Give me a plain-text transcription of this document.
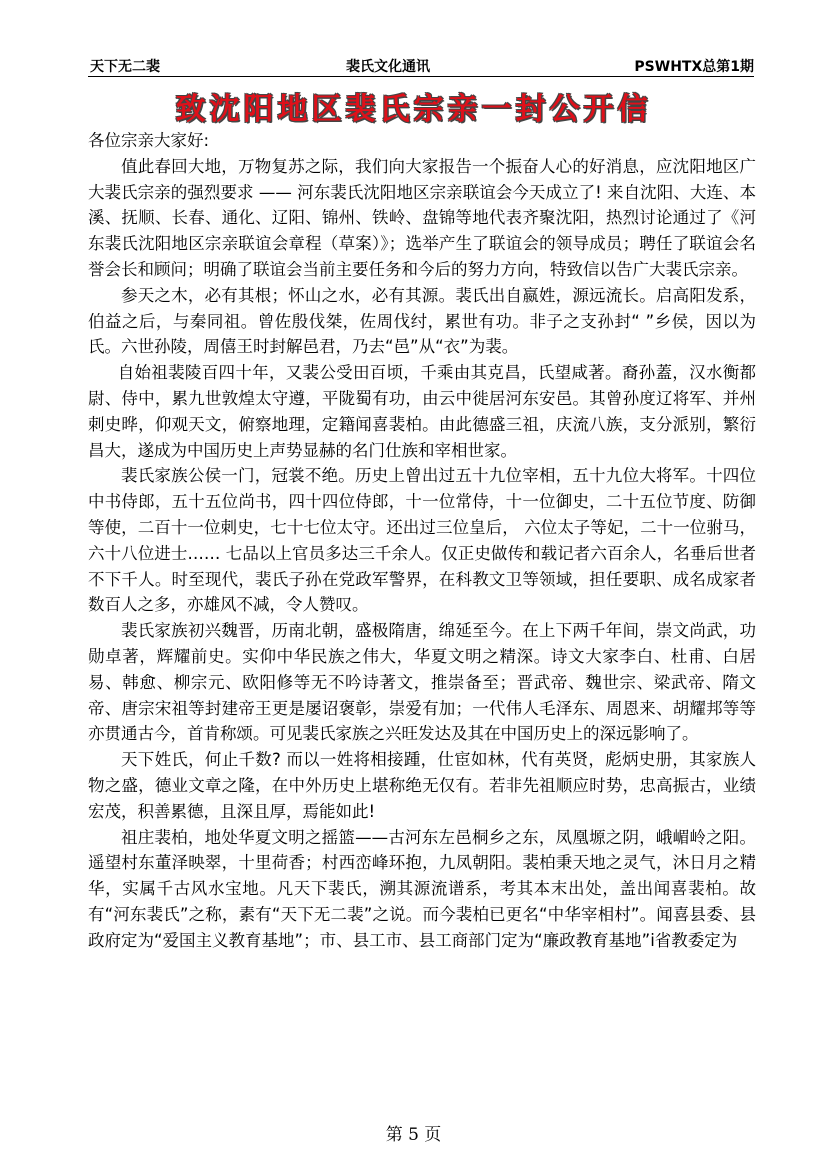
天下无二裴	裴氏文化通讯	PSWHTX总第1期
致沈阳地区裴氏宗亲一封公开信

各位宗亲大家好:

值此春回大地，万物复苏之际，我们向大家报告一个振奋人心的好消息，应沈阳地区广大裴氏宗亲的强烈要求 —— 河东裴氏沈阳地区宗亲联谊会今天成立了! 来自沈阳、大连、本溪、抚顺、长春、通化、辽阳、锦州、铁岭、盘锦等地代表齐聚沈阳，热烈讨论通过了《河东裴氏沈阳地区宗亲联谊会章程（草案）》；选举产生了联谊会的领导成员；聘任了联谊会名誉会长和顾问；明确了联谊会当前主要任务和今后的努力方向，特致信以告广大裴氏宗亲。

参天之木，必有其根；怀山之水，必有其源。裴氏出自嬴姓，源远流长。启高阳发系，伯益之后，与秦同祖。曾佐殷伐桀，佐周伐纣，累世有功。非子之支孙封“ ”乡侯，因以为氏。六世孙陵，周僖王时封解邑君，乃去“邑”从“衣”为裴。

自始祖裴陵百四十年，又裴公受田百顷，千乘由其克昌，氏望咸著。裔孙蓋，汉水衡都尉、侍中，累九世敦煌太守遵，平陇蜀有功，由云中徙居河东安邑。其曾孙度辽将军、并州刺史晔，仰观天文，俯察地理，定籍闻喜裴柏。由此德盛三祖，庆流八族，支分派别，繁衍昌大，遂成为中国历史上声势显赫的名门仕族和宰相世家。

裴氏家族公侯一门，冠裳不绝。历史上曾出过五十九位宰相，五十九位大将军。十四位中书侍郎，五十五位尚书，四十四位侍郎，十一位常侍，十一位御史，二十五位节度、防御等使，二百十一位刺史，七十七位太守。还出过三位皇后， 六位太子等妃，二十一位驸马，六十八位进士…… 七品以上官员多达三千余人。仅正史做传和载记者六百余人，名垂后世者不下千人。时至现代，裴氏子孙在党政军警界，在科教文卫等领域，担任要职、成名成家者数百人之多，亦雄风不减，令人赞叹。

裴氏家族初兴魏晋，历南北朝，盛极隋唐，绵延至今。在上下两千年间，崇文尚武，功勋卓著，辉耀前史。实仰中华民族之伟大，华夏文明之精深。诗文大家李白、杜甫、白居易、韩愈、柳宗元、欧阳修等无不吟诗著文，推崇备至；晋武帝、魏世宗、梁武帝、隋文帝、唐宗宋祖等封建帝王更是屡诏褒彰，崇爱有加；一代伟人毛泽东、周恩来、胡耀邦等等亦贯通古今，首肯称颂。可见裴氏家族之兴旺发达及其在中国历史上的深远影响了。

天下姓氏，何止千数? 而以一姓将相接踵，仕宦如林，代有英贤，彪炳史册，其家族人物之盛，德业文章之隆，在中外历史上堪称绝无仅有。若非先祖顺应时势，忠高振古，业绩宏茂，积善累德，且深且厚，焉能如此!

祖庄裴柏，地处华夏文明之摇篮——古河东左邑桐乡之东，凤凰塬之阴，峨嵋岭之阳。遥望村东董泽映翠，十里荷香；村西峦峰环抱，九凤朝阳。裴柏秉天地之灵气，沐日月之精华，实属千古风水宝地。凡天下裴氏，溯其源流谱系，考其本末出处，盖出闻喜裴柏。故有“河东裴氏”之称，素有“天下无二裴”之说。而今裴柏已更名“中华宰相村”。闻喜县委、县政府定为“爱国主义教育基地”；市、县工市、县工商部门定为“廉政教育基地”i省教委定为

第 5 页
